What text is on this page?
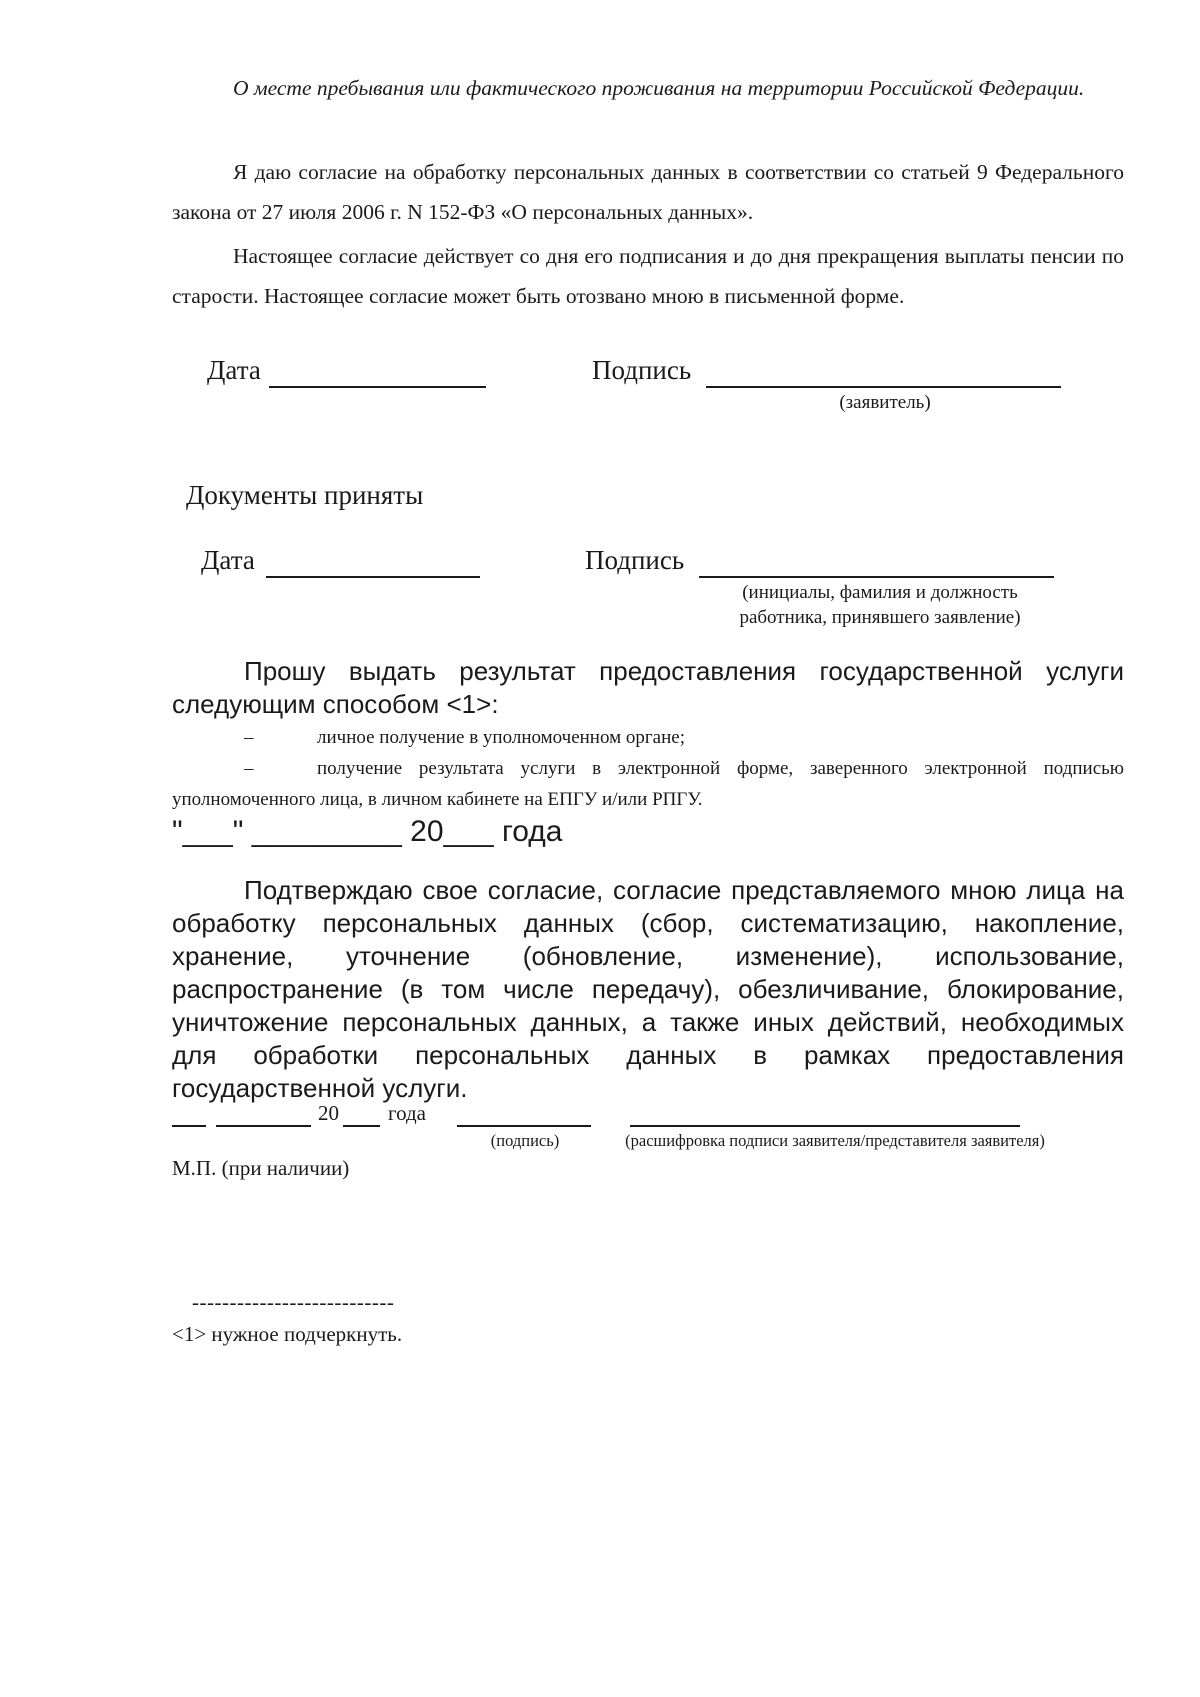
О месте пребывания или фактического проживания на территории Российской Федерации.
Я даю согласие на обработку персональных данных в соответствии со статьей 9 Федерального закона от 27 июля 2006 г. N 152-ФЗ «О персональных данных».
Настоящее согласие действует со дня его подписания и до дня прекращения выплаты пенсии по старости. Настоящее согласие может быть отозвано мною в письменной форме.
Дата	Подпись
(заявитель)
Документы приняты
Дата	Подпись
(инициалы, фамилия и должность
работника, принявшего заявление)
Прошу выдать результат предоставления государственной услуги следующим способом <1>:
–	личное получение в уполномоченном органе;
–	получение результата услуги в электронной форме, заверенного электронной подписью уполномоченного лица, в личном кабинете на ЕПГУ и/или РПГУ.
"___" _________ 20___ года
Подтверждаю свое согласие, согласие представляемого мною лица на обработку персональных данных (сбор, систематизацию, накопление, хранение, уточнение (обновление, изменение), использование, распространение (в том числе передачу), обезличивание, блокирование, уничтожение персональных данных, а также иных действий, необходимых для обработки персональных данных в рамках предоставления государственной услуги.
20 года
(подпись)	(расшифровка подписи заявителя/представителя заявителя)
М.П. (при наличии)
---------------------------
<1> нужное подчеркнуть.
